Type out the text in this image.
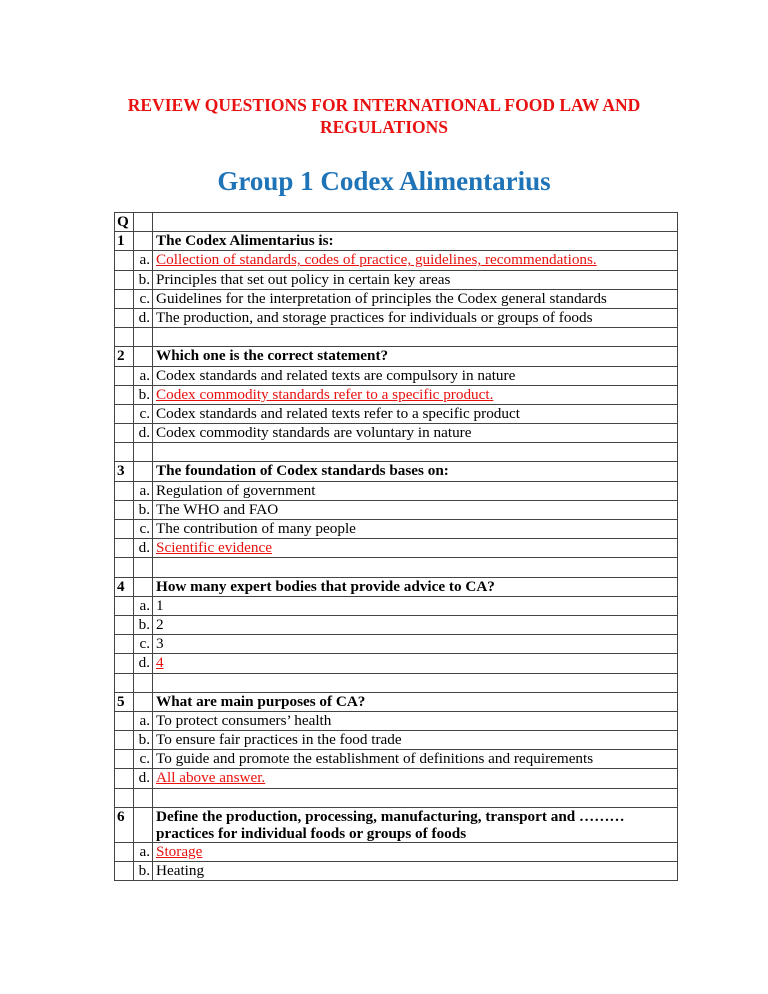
REVIEW QUESTIONS FOR INTERNATIONAL FOOD LAW AND
REGULATIONS
Group 1 Codex Alimentarius
Q		
1		The Codex Alimentarius is:
	a.	Collection of standards, codes of practice, guidelines, recommendations.
	b.	Principles that set out policy in certain key areas
	c.	Guidelines for the interpretation of principles the Codex general standards
	d.	The production, and storage practices for individuals or groups of foods

2		Which one is the correct statement?
	a.	Codex standards and related texts are compulsory in nature
	b.	Codex commodity standards refer to a specific product.
	c.	Codex standards and related texts refer to a specific product
	d.	Codex commodity standards are voluntary in nature

3		The foundation of Codex standards bases on:
	a.	Regulation of government
	b.	The WHO and FAO
	c.	The contribution of many people
	d.	Scientific evidence

4		How many expert bodies that provide advice to CA?
	a.	1
	b.	2
	c.	3
	d.	4

5		What are main purposes of CA?
	a.	To protect consumers’ health
	b.	To ensure fair practices in the food trade
	c.	To guide and promote the establishment of definitions and requirements
	d.	All above answer.

6		Define the production, processing, manufacturing, transport and ……… practices for individual foods or groups of foods
	a.	Storage
	b.	Heating
